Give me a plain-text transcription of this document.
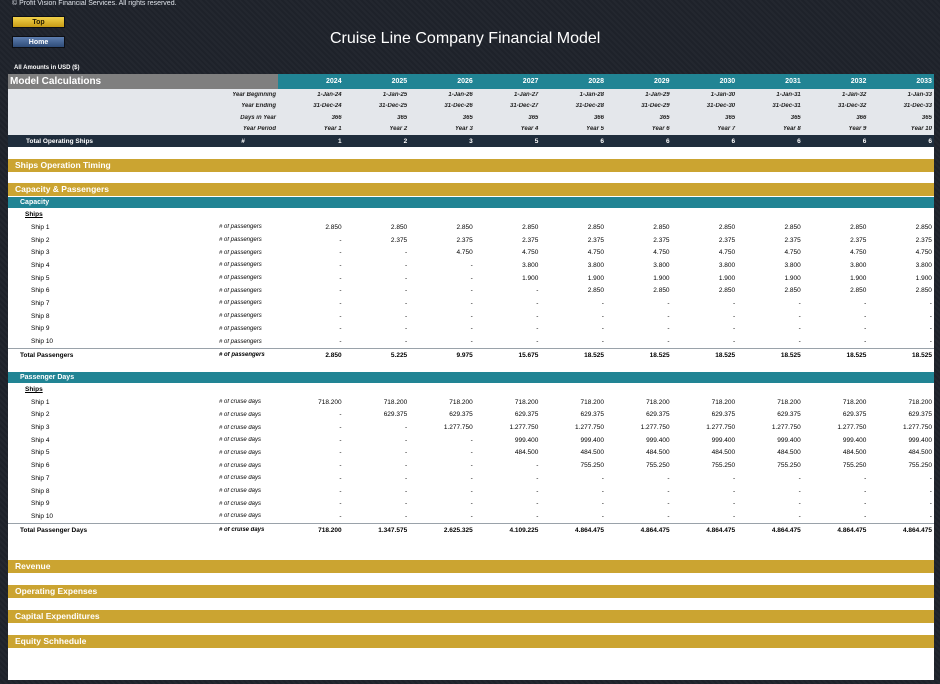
© Profit Vision Financial Services. All rights reserved.
Top
Home	Cruise Line Company Financial Model
All Amounts in USD ($)
Model Calculations	2024	2025	2026	2027	2028	2029	2030	2031	2032	2033
Year Beginning	1-Jan-24	1-Jan-25	1-Jan-26	1-Jan-27	1-Jan-28	1-Jan-29	1-Jan-30	1-Jan-31	1-Jan-32	1-Jan-33
Year Ending	31-Dec-24	31-Dec-25	31-Dec-26	31-Dec-27	31-Dec-28	31-Dec-29	31-Dec-30	31-Dec-31	31-Dec-32	31-Dec-33
Days in Year	366	365	365	365	366	365	365	365	366	365
Year Period	Year 1	Year 2	Year 3	Year 4	Year 5	Year 6	Year 7	Year 8	Year 9	Year 10
Total Operating Ships	#	1	2	3	5	6	6	6	6	6	6
Ships Operation Timing
Capacity & Passengers
Capacity
Ships
Ship 1	# of passengers	2.850	2.850	2.850	2.850	2.850	2.850	2.850	2.850	2.850	2.850
Ship 2	# of passengers	-	2.375	2.375	2.375	2.375	2.375	2.375	2.375	2.375	2.375
Ship 3	# of passengers	-	-	4.750	4.750	4.750	4.750	4.750	4.750	4.750	4.750
Ship 4	# of passengers	-	-	-	3.800	3.800	3.800	3.800	3.800	3.800	3.800
Ship 5	# of passengers	-	-	-	1.900	1.900	1.900	1.900	1.900	1.900	1.900
Ship 6	# of passengers	-	-	-	-	2.850	2.850	2.850	2.850	2.850	2.850
Ship 7	# of passengers	-	-	-	-	-	-	-	-	-	-
Ship 8	# of passengers	-	-	-	-	-	-	-	-	-	-
Ship 9	# of passengers	-	-	-	-	-	-	-	-	-	-
Ship 10	# of passengers	-	-	-	-	-	-	-	-	-	-
Total Passengers	# of passengers	2.850	5.225	9.975	15.675	18.525	18.525	18.525	18.525	18.525	18.525
Passenger Days
Ships
Ship 1	# of cruise days	718.200	718.200	718.200	718.200	718.200	718.200	718.200	718.200	718.200	718.200
Ship 2	# of cruise days	-	629.375	629.375	629.375	629.375	629.375	629.375	629.375	629.375	629.375
Ship 3	# of cruise days	-	-	1.277.750	1.277.750	1.277.750	1.277.750	1.277.750	1.277.750	1.277.750	1.277.750
Ship 4	# of cruise days	-	-	-	999.400	999.400	999.400	999.400	999.400	999.400	999.400
Ship 5	# of cruise days	-	-	-	484.500	484.500	484.500	484.500	484.500	484.500	484.500
Ship 6	# of cruise days	-	-	-	-	755.250	755.250	755.250	755.250	755.250	755.250
Ship 7	# of cruise days	-	-	-	-	-	-	-	-	-	-
Ship 8	# of cruise days	-	-	-	-	-	-	-	-	-	-
Ship 9	# of cruise days	-	-	-	-	-	-	-	-	-	-
Ship 10	# of cruise days	-	-	-	-	-	-	-	-	-	-
Total Passenger Days	# of cruise days	718.200	1.347.575	2.625.325	4.109.225	4.864.475	4.864.475	4.864.475	4.864.475	4.864.475	4.864.475
Revenue
Operating Expenses
Capital Expenditures
Equity Schhedule
